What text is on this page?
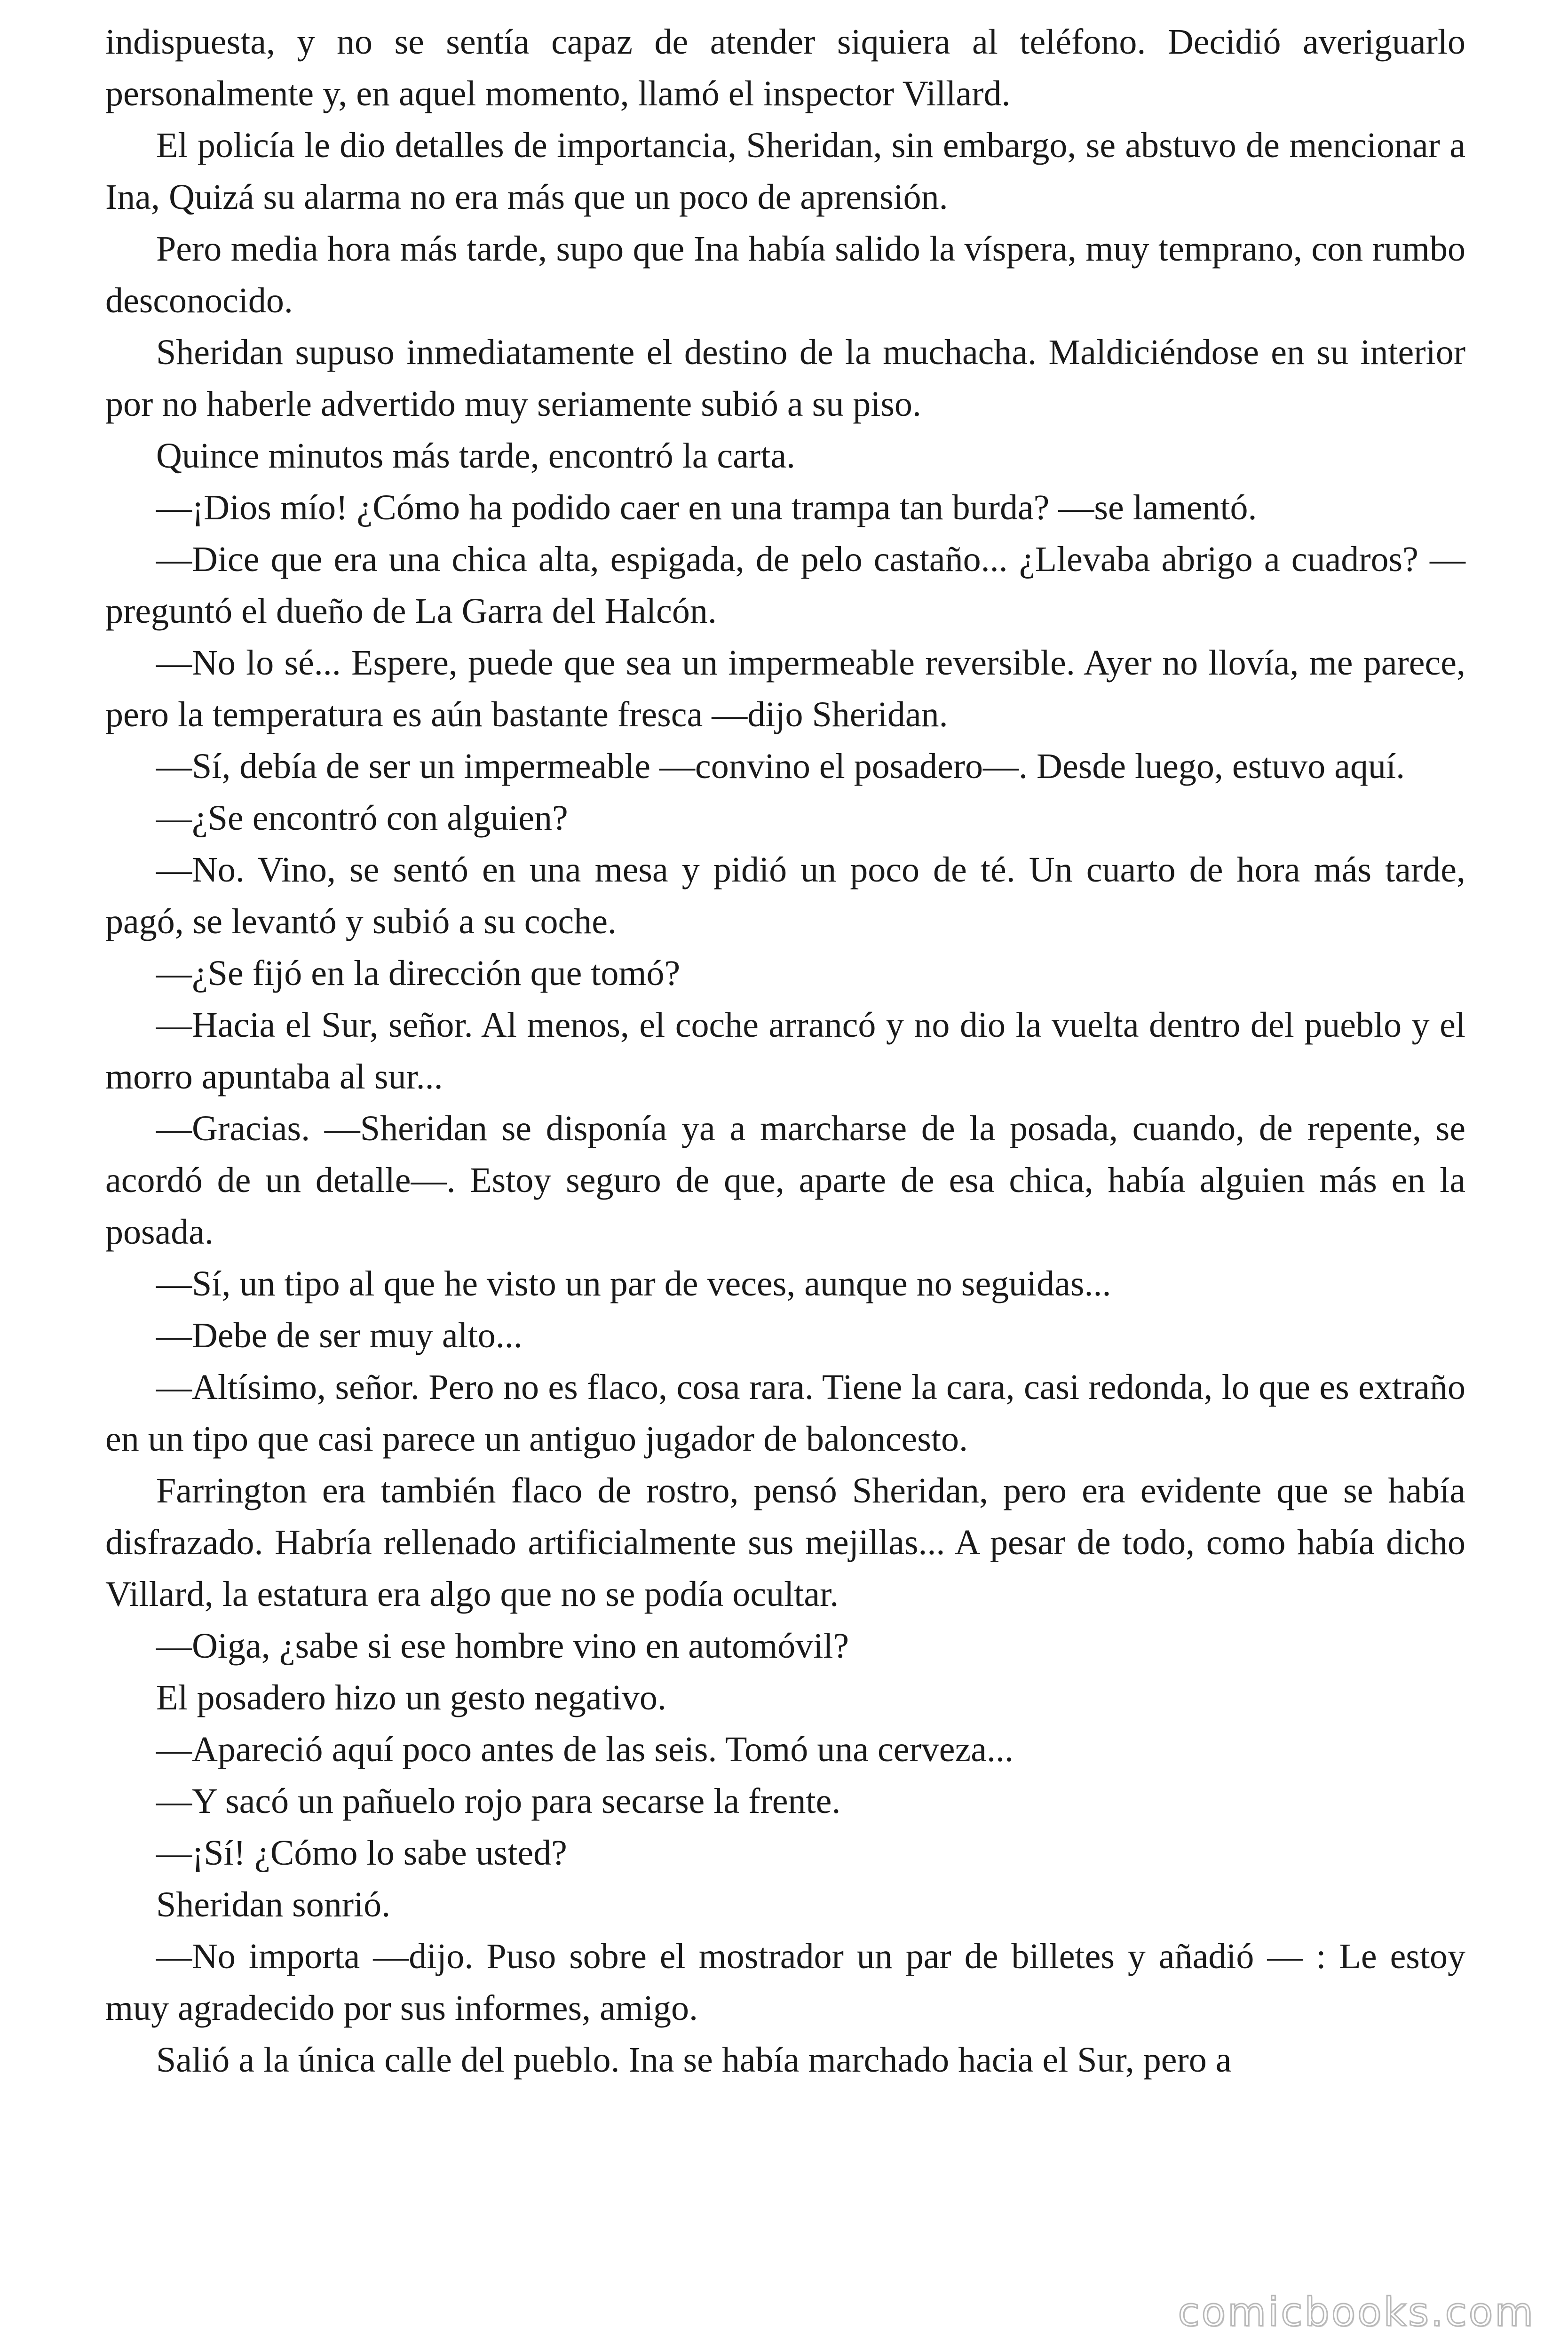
indispuesta, y no se sentía capaz de atender siquiera al teléfono. Decidió averiguarlo personalmente y, en aquel momento, llamó el inspector Villard.

El policía le dio detalles de importancia, Sheridan, sin embargo, se abstuvo de mencionar a Ina, Quizá su alarma no era más que un poco de aprensión.

Pero media hora más tarde, supo que Ina había salido la víspera, muy temprano, con rumbo desconocido.

Sheridan supuso inmediatamente el destino de la muchacha. Maldiciéndose en su interior por no haberle advertido muy seriamente subió a su piso.

Quince minutos más tarde, encontró la carta.

—¡Dios mío! ¿Cómo ha podido caer en una trampa tan burda? —se lamentó.

—Dice que era una chica alta, espigada, de pelo castaño... ¿Llevaba abrigo a cuadros? —preguntó el dueño de La Garra del Halcón.

—No lo sé... Espere, puede que sea un impermeable reversible. Ayer no llovía, me parece, pero la temperatura es aún bastante fresca —dijo Sheridan.

—Sí, debía de ser un impermeable —convino el posadero—. Desde luego, estuvo aquí.

—¿Se encontró con alguien?

—No. Vino, se sentó en una mesa y pidió un poco de té. Un cuarto de hora más tarde, pagó, se levantó y subió a su coche.

—¿Se fijó en la dirección que tomó?

—Hacia el Sur, señor. Al menos, el coche arrancó y no dio la vuelta dentro del pueblo y el morro apuntaba al sur...

—Gracias. —Sheridan se disponía ya a marcharse de la posada, cuando, de repente, se acordó de un detalle—. Estoy seguro de que, aparte de esa chica, había alguien más en la posada.

—Sí, un tipo al que he visto un par de veces, aunque no seguidas...

—Debe de ser muy alto...

—Altísimo, señor. Pero no es flaco, cosa rara. Tiene la cara, casi redonda, lo que es extraño en un tipo que casi parece un antiguo jugador de baloncesto.

Farrington era también flaco de rostro, pensó Sheridan, pero era evidente que se había disfrazado. Habría rellenado artificialmente sus mejillas... A pesar de todo, como había dicho Villard, la estatura era algo que no se podía ocultar.

—Oiga, ¿sabe si ese hombre vino en automóvil?

El posadero hizo un gesto negativo.

—Apareció aquí poco antes de las seis. Tomó una cerveza...

—Y sacó un pañuelo rojo para secarse la frente.

—¡Sí! ¿Cómo lo sabe usted?

Sheridan sonrió.

—No importa —dijo. Puso sobre el mostrador un par de billetes y añadió — : Le estoy muy agradecido por sus informes, amigo.

Salió a la única calle del pueblo. Ina se había marchado hacia el Sur, pero a

comicbooks.com
